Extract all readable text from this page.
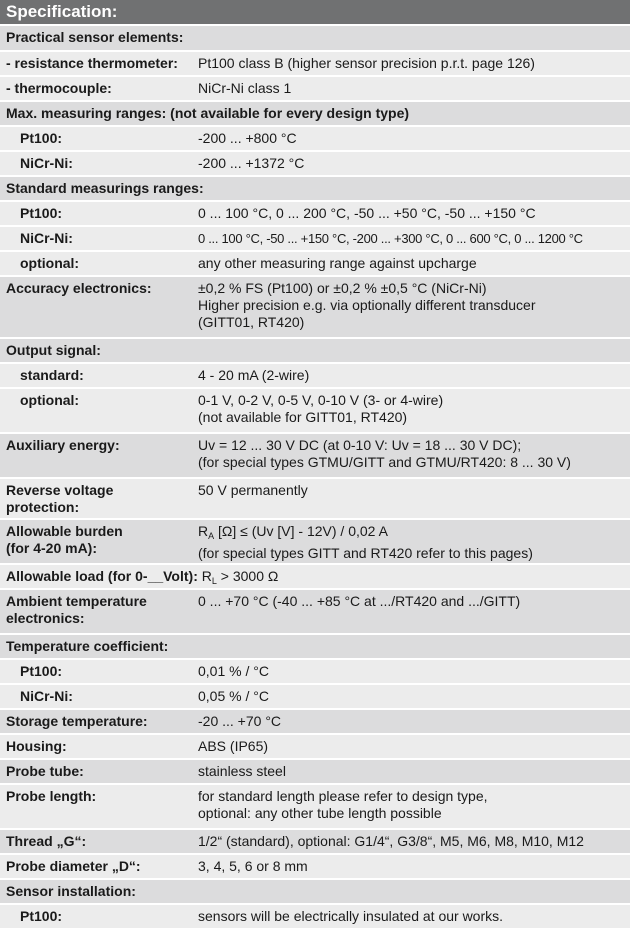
Specification:
Practical sensor elements:
- resistance thermometer: Pt100 class B (higher sensor precision p.r.t. page 126)
- thermocouple:	NiCr-Ni class 1
Max. measuring ranges: (not available for every design type)
Pt100:	-200 ... +800 °C
NiCr-Ni:	-200 ... +1372 °C
Standard measurings ranges:
Pt100:	0 ... 100 °C, 0 ... 200 °C, -50 ... +50 °C, -50 ... +150 °C
NiCr-Ni:	0 ... 100 °C, -50 ... +150 °C, -200 ... +300 °C, 0 ... 600 °C, 0 ... 1200 °C
optional:	any other measuring range against upcharge
Accuracy electronics:	±0,2 % FS (Pt100) or ±0,2 % ±0,5 °C (NiCr-Ni)
Higher precision e.g. via optionally different transducer
(GITT01, RT420)
Output signal:
standard:	4 - 20 mA (2-wire)
optional:	0-1 V, 0-2 V, 0-5 V, 0-10 V (3- or 4-wire)
(not available for GITT01, RT420)
Auxiliary energy:	Uv = 12 ... 30 V DC (at 0-10 V: Uv = 18 ... 30 V DC);
(for special types GTMU/GITT and GTMU/RT420: 8 ... 30 V)
Reverse voltage
protection:
50 V permanently
Allowable burden
(for 4-20 mA):
$R_A$ [Ω] ≤ (Uv [V] - 12V) / 0,02 A
(for special types GITT and RT420 refer to this pages)
Allowable load (for 0-__Volt): $R_L > 3000$ Ω
Ambient temperature
electronics:
0 ... +70 °C (-40 ... +85 °C at .../RT420 and .../GITT)
Temperature coefficient:
Pt100:	0,01 % / °C
NiCr-Ni:	0,05 % / °C
Storage temperature:	-20 ... +70 °C
Housing:	ABS (IP65)
Probe tube:	stainless steel
Probe length:	for standard length please refer to design type,
optional: any other tube length possible
Thread „G“:	1/2“ (standard), optional: G1/4“, G3/8“, M5, M6, M8, M10, M12
Probe diameter „D“:	3, 4, 5, 6 or 8 mm
Sensor installation:
Pt100:	sensors will be electrically insulated at our works.
